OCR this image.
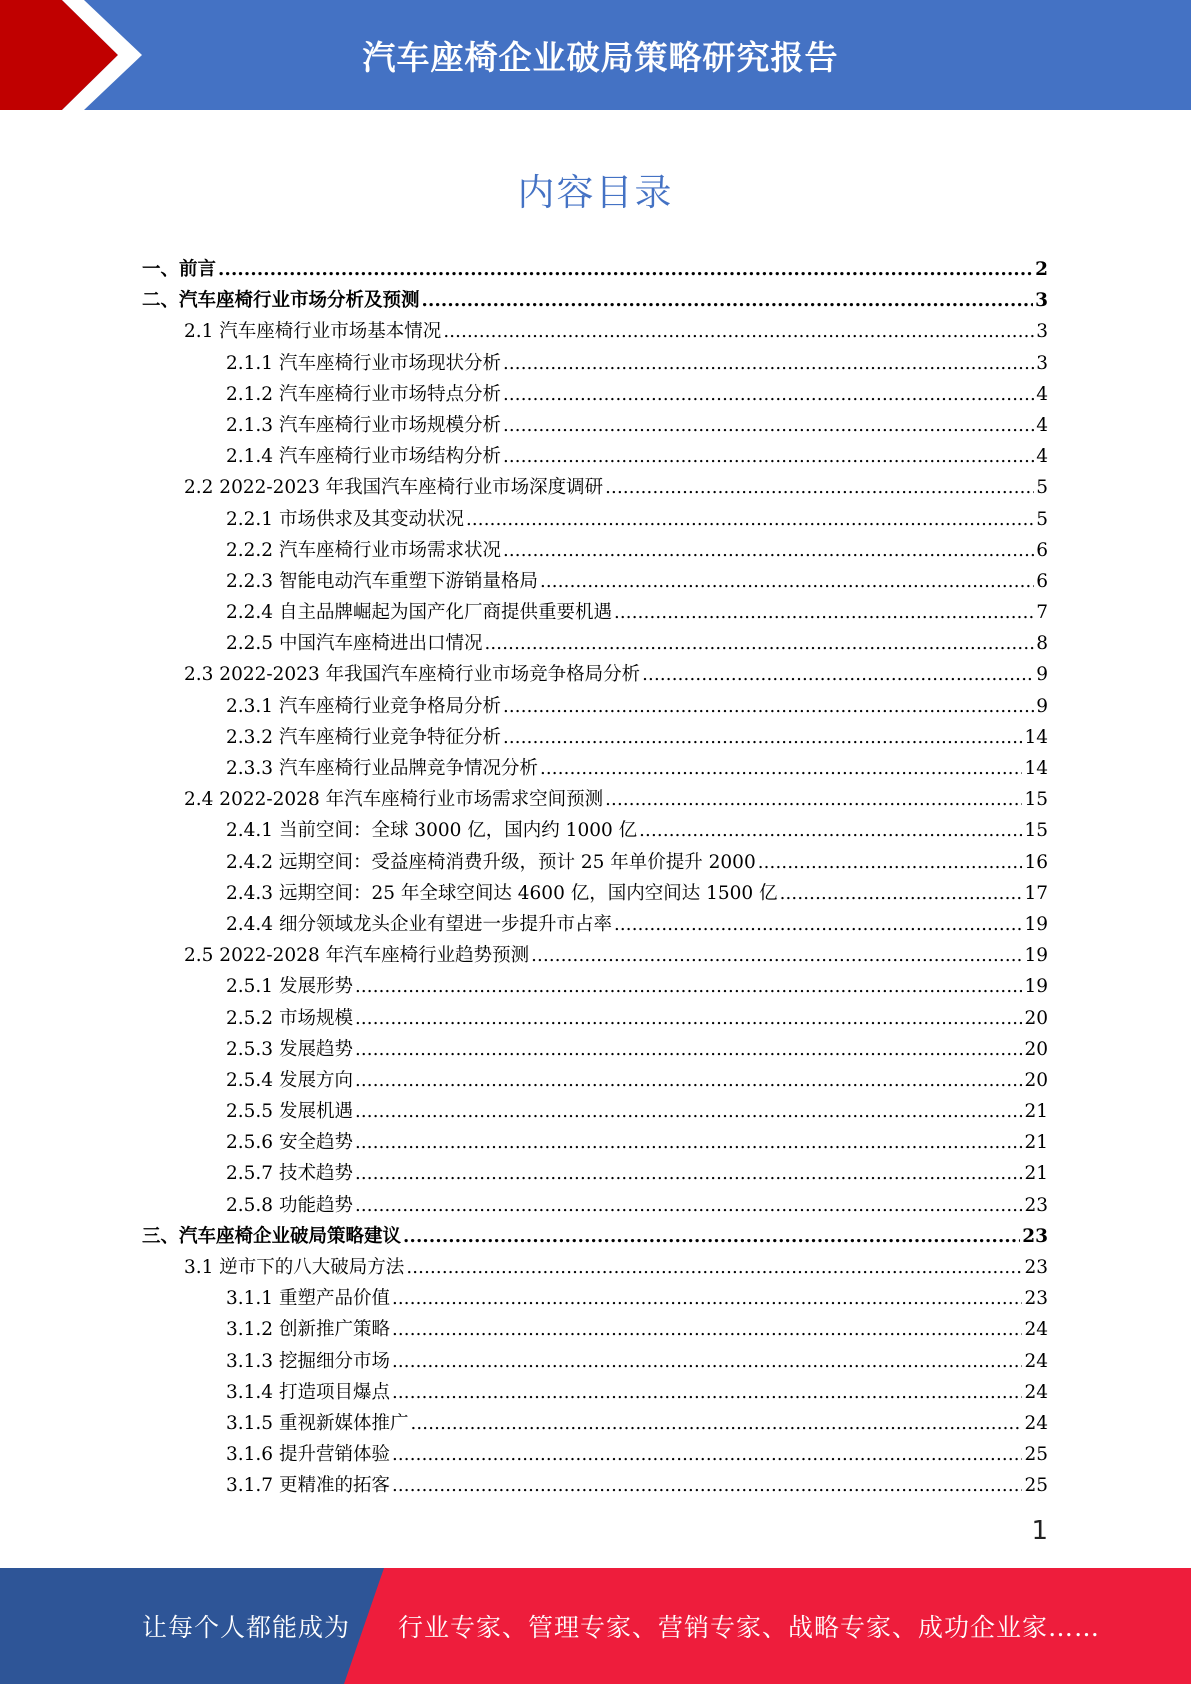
汽车座椅企业破局策略研究报告
内容目录
一、前言 .....	2
二、汽车座椅行业市场分析及预测 .....	3
2.1 汽车座椅行业市场基本情况 .....	3
2.1.1 汽车座椅行业市场现状分析 .....	3
2.1.2 汽车座椅行业市场特点分析 .....	4
2.1.3 汽车座椅行业市场规模分析 .....	4
2.1.4 汽车座椅行业市场结构分析 .....	4
2.2 2022-2023 年我国汽车座椅行业市场深度调研 .....	5
2.2.1 市场供求及其变动状况 .....	5
2.2.2 汽车座椅行业市场需求状况 .....	6
2.2.3 智能电动汽车重塑下游销量格局 .....	6
2.2.4 自主品牌崛起为国产化厂商提供重要机遇 .....	7
2.2.5 中国汽车座椅进出口情况 .....	8
2.3 2022-2023 年我国汽车座椅行业市场竞争格局分析 .....	9
2.3.1 汽车座椅行业竞争格局分析 .....	9
2.3.2 汽车座椅行业竞争特征分析 .....	14
2.3.3 汽车座椅行业品牌竞争情况分析 .....	14
2.4 2022-2028 年汽车座椅行业市场需求空间预测 .....	15
2.4.1 当前空间：全球 3000 亿，国内约 1000 亿 .....	15
2.4.2 远期空间：受益座椅消费升级，预计 25 年单价提升 2000 .....	16
2.4.3 远期空间：25 年全球空间达 4600 亿，国内空间达 1500 亿 .....	17
2.4.4 细分领域龙头企业有望进一步提升市占率 .....	19
2.5 2022-2028 年汽车座椅行业趋势预测 .....	19
2.5.1 发展形势 .....	19
2.5.2 市场规模 .....	20
2.5.3 发展趋势 .....	20
2.5.4 发展方向 .....	20
2.5.5 发展机遇 .....	21
2.5.6 安全趋势 .....	21
2.5.7 技术趋势 .....	21
2.5.8 功能趋势 .....	23
三、汽车座椅企业破局策略建议 .....	23
3.1 逆市下的八大破局方法 .....	23
3.1.1 重塑产品价值 .....	23
3.1.2 创新推广策略 .....	24
3.1.3 挖掘细分市场 .....	24
3.1.4 打造项目爆点 .....	24
3.1.5 重视新媒体推广 .....	24
3.1.6 提升营销体验 .....	25
3.1.7 更精准的拓客 .....	25
1
让每个人都能成为	行业专家、管理专家、营销专家、战略专家、成功企业家……
